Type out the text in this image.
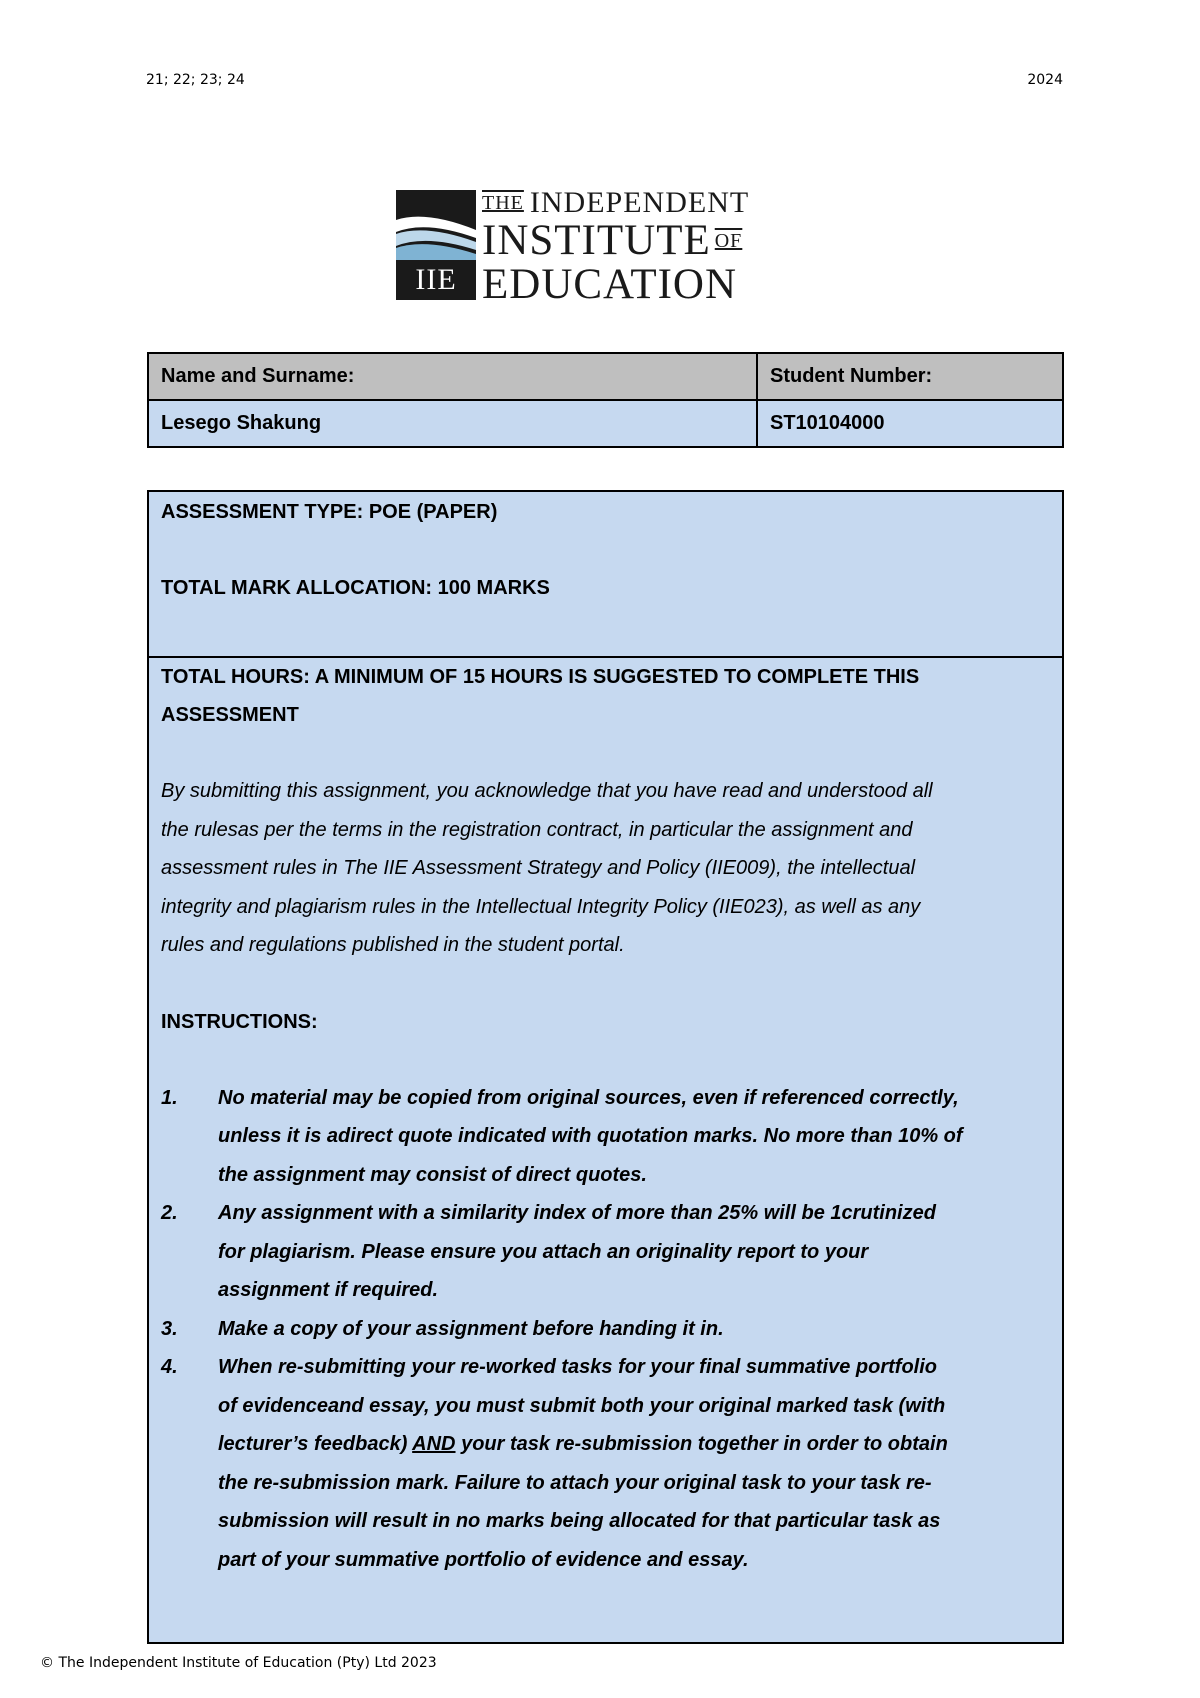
21; 22; 23; 24	2024
IIE
$^{THE}$ INDEPENDENT
INSTITUTE $^{OF}$
EDUCATION
Name and Surname:	Student Number:
Lesego Shakung	ST10104000
ASSESSMENT TYPE: POE (PAPER)
TOTAL MARK ALLOCATION: 100 MARKS
TOTAL HOURS: A MINIMUM OF 15 HOURS IS SUGGESTED TO COMPLETE THIS
ASSESSMENT

By submitting this assignment, you acknowledge that you have read and understood all
the rulesas per the terms in the registration contract, in particular the assignment and
assessment rules in The IIE Assessment Strategy and Policy (IIE009), the intellectual
integrity and plagiarism rules in the Intellectual Integrity Policy (IIE023), as well as any
rules and regulations published in the student portal.

INSTRUCTIONS:
1. No material may be copied from original sources, even if referenced correctly,
unless it is adirect quote indicated with quotation marks. No more than 10% of
the assignment may consist of direct quotes.
2. Any assignment with a similarity index of more than 25% will be 1crutinized
for plagiarism. Please ensure you attach an originality report to your
assignment if required.
3. Make a copy of your assignment before handing it in.
4. When re-submitting your re-worked tasks for your final summative portfolio
of evidenceand essay, you must submit both your original marked task (with
lecturer’s feedback) AND your task re-submission together in order to obtain
the re-submission mark. Failure to attach your original task to your task re-
submission will result in no marks being allocated for that particular task as
part of your summative portfolio of evidence and essay.
© The Independent Institute of Education (Pty) Ltd 2023
